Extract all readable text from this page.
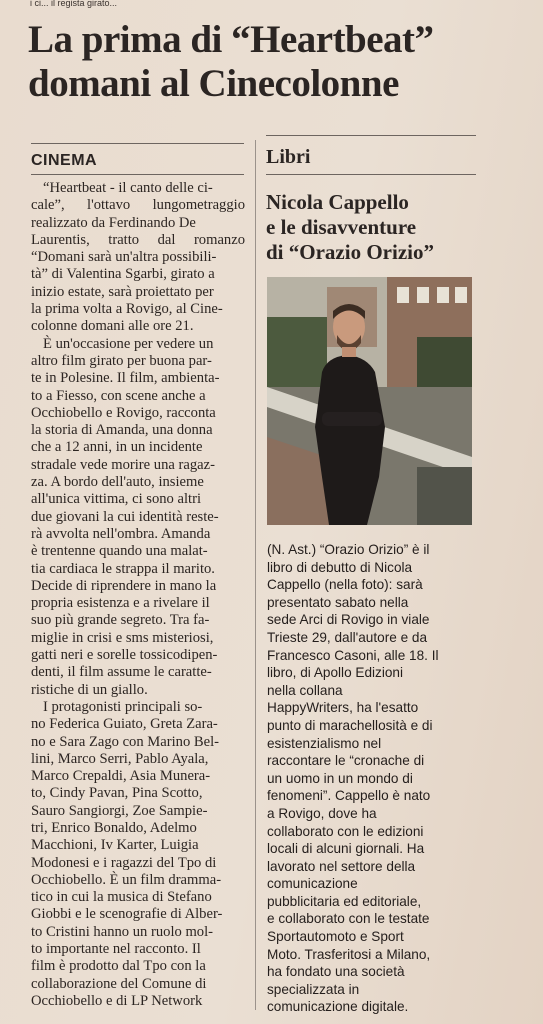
i ci... il regista girato...
La prima di “Heartbeat”
domani al Cinecolonne
CINEMA	Libri
“Heartbeat - il canto delle ci-
cale”, l'ottavo lungometraggio
realizzato da Ferdinando De
Laurentis, tratto dal romanzo
“Domani sarà un'altra possibili-
tà” di Valentina Sgarbi, girato a
inizio estate, sarà proiettato per
la prima volta a Rovigo, al Cine-
colonne domani alle ore 21.
È un'occasione per vedere un
altro film girato per buona par-
te in Polesine. Il film, ambienta-
to a Fiesso, con scene anche a
Occhiobello e Rovigo, racconta
la storia di Amanda, una donna
che a 12 anni, in un incidente
stradale vede morire una ragaz-
za. A bordo dell'auto, insieme
all'unica vittima, ci sono altri
due giovani la cui identità reste-
rà avvolta nell'ombra. Amanda
è trentenne quando una malat-
tia cardiaca le strappa il marito.
Decide di riprendere in mano la
propria esistenza e a rivelare il
suo più grande segreto. Tra fa-
miglie in crisi e sms misteriosi,
gatti neri e sorelle tossicodipen-
denti, il film assume le caratte-
ristiche di un giallo.
I protagonisti principali so-
no Federica Guiato, Greta Zara-
no e Sara Zago con Marino Bel-
lini, Marco Serri, Pablo Ayala,
Marco Crepaldi, Asia Munera-
to, Cindy Pavan, Pina Scotto,
Sauro Sangiorgi, Zoe Sampie-
tri, Enrico Bonaldo, Adelmo
Macchioni, Iv Karter, Luigia
Modonesi e i ragazzi del Tpo di
Occhiobello. È un film dramma-
tico in cui la musica di Stefano
Giobbi e le scenografie di Alber-
to Cristini hanno un ruolo mol-
to importante nel racconto. Il
film è prodotto dal Tpo con la
collaborazione del Comune di
Occhiobello e di LP Network
Nicola Cappello
e le disavventure
di “Orazio Orizio”
(N. Ast.) “Orazio Orizio” è il
libro di debutto di Nicola
Cappello (nella foto): sarà
presentato sabato nella
sede Arci di Rovigo in viale
Trieste 29, dall'autore e da
Francesco Casoni, alle 18. Il
libro, di Apollo Edizioni
nella collana
HappyWriters, ha l'esatto
punto di marachellosità e di
esistenzialismo nel
raccontare le “cronache di
un uomo in un mondo di
fenomeni”. Cappello è nato
a Rovigo, dove ha
collaborato con le edizioni
locali di alcuni giornali. Ha
lavorato nel settore della
comunicazione
pubblicitaria ed editoriale,
e collaborato con le testate
Sportautomoto e Sport
Moto. Trasferitosi a Milano,
ha fondato una società
specializzata in
comunicazione digitale.
